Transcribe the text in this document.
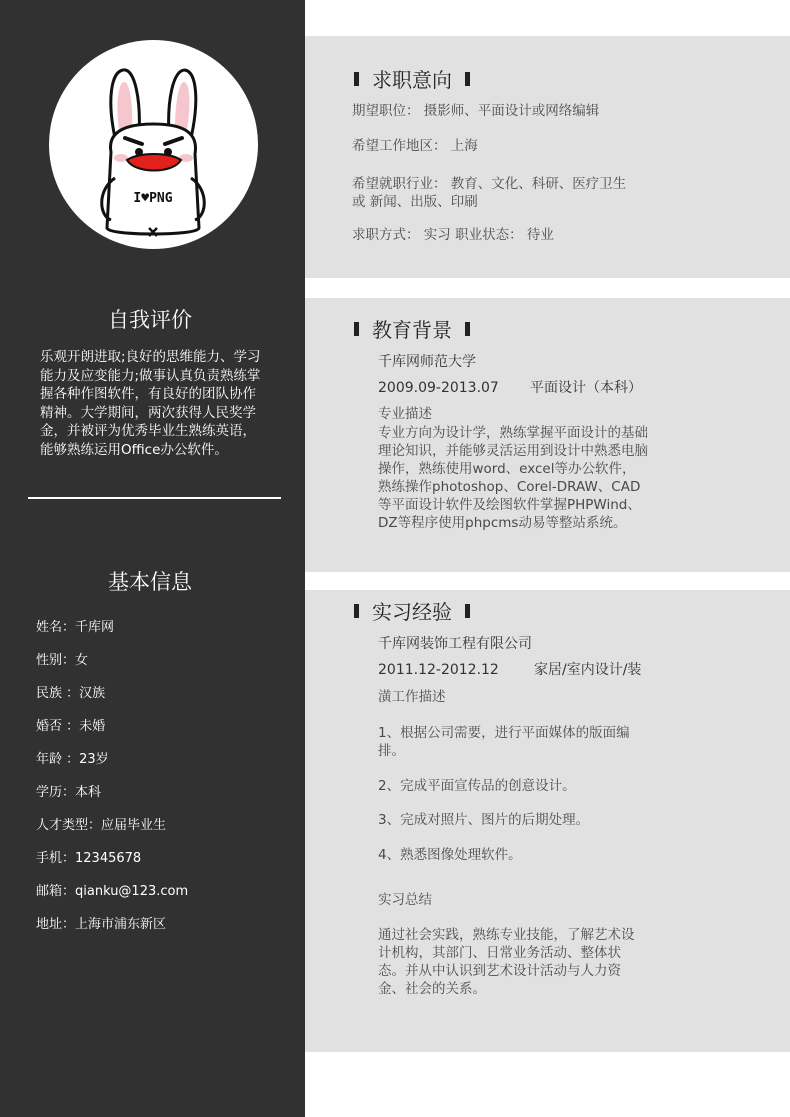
I♥PNG
自我评价

乐观开朗进取;良好的思维能力、学习能力及应变能力;做事认真负责熟练掌握各种作图软件，有良好的团队协作精神。大学期间，两次获得人民奖学金，并被评为优秀毕业生熟练英语，能够熟练运用Office办公软件。

基本信息
姓名：千库网
性别：女
民族 ：汉族
婚否 ：未婚
年龄 ：23岁
学历：本科
人才类型：应届毕业生
手机：12345678
邮箱：qianku@123.com
地址：上海市浦东新区
求职意向

期望职位： 摄影师、平面设计或网络编辑

希望工作地区： 上海

希望就职行业： 教育、文化、科研、医疗卫生 或 新闻、出版、印刷

求职方式： 实习 职业状态： 待业

教育背景

千库网师范大学

2009.09-2013.07	平面设计（本科）

专业描述

专业方向为设计学，熟练掌握平面设计的基础理论知识，并能够灵活运用到设计中熟悉电脑操作，熟练使用word、excel等办公软件，熟练操作photoshop、Corel-DRAW、CAD等平面设计软件及绘图软件掌握PHPWind、DZ等程序使用phpcms动易等整站系统。

实习经验

千库网装饰工程有限公司

2011.12-2012.12	家居/室内设计/装

潢工作描述

1、根据公司需要，进行平面媒体的版面编排。

2、完成平面宣传品的创意设计。

3、完成对照片、图片的后期处理。

4、熟悉图像处理软件。

实习总结

通过社会实践，熟练专业技能，了解艺术设计机构，其部门、日常业务活动、整体状态。并从中认识到艺术设计活动与人力资金、社会的关系。
